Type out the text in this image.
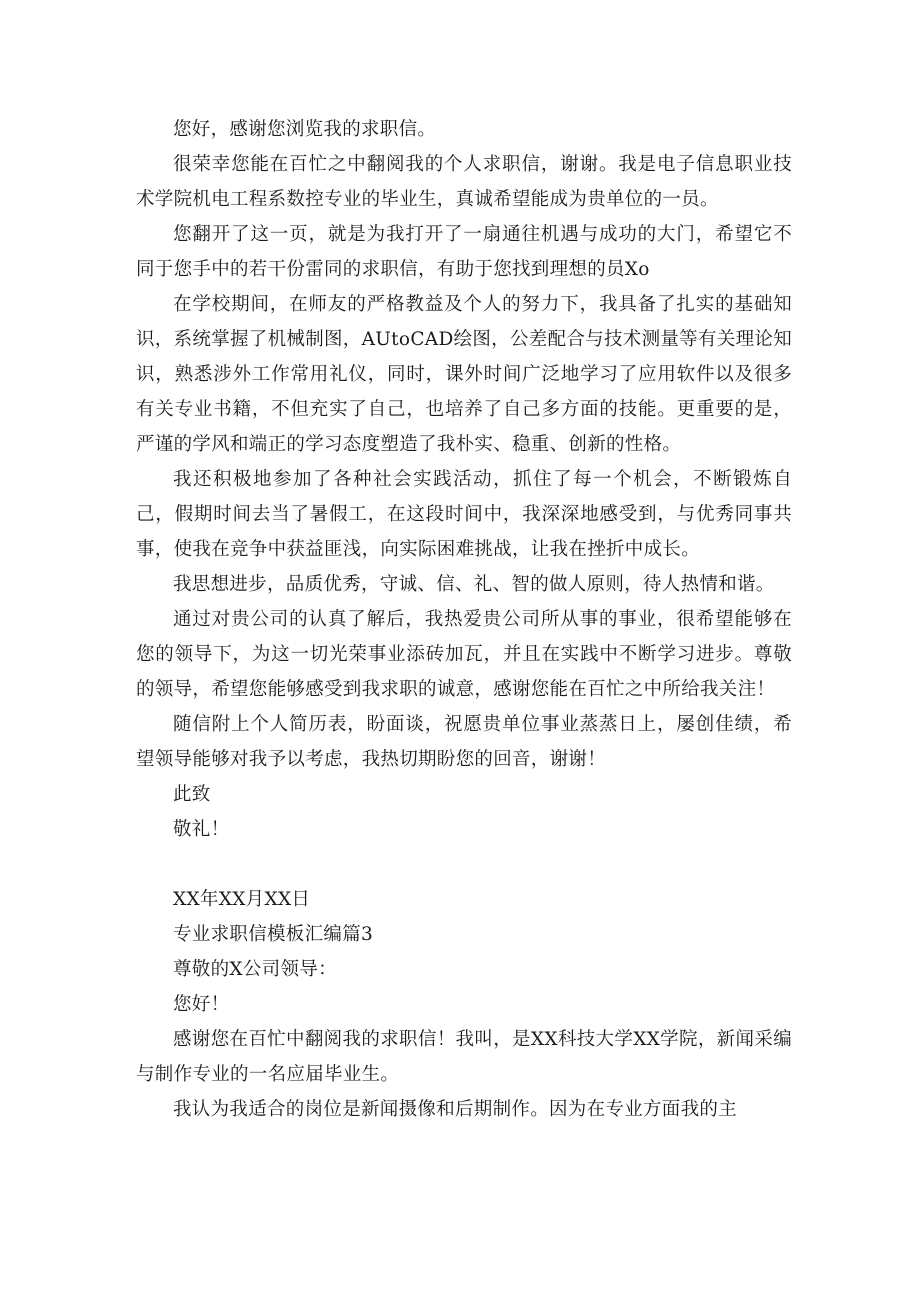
您好，感谢您浏览我的求职信。

很荣幸您能在百忙之中翻阅我的个人求职信，谢谢。我是电子信息职业技术学院机电工程系数控专业的毕业生，真诚希望能成为贵单位的一员。

您翻开了这一页，就是为我打开了一扇通往机遇与成功的大门，希望它不同于您手中的若干份雷同的求职信，有助于您找到理想的员Xo

在学校期间，在师友的严格教益及个人的努力下，我具备了扎实的基础知识，系统掌握了机械制图，AUtoCAD绘图，公差配合与技术测量等有关理论知识，熟悉涉外工作常用礼仪，同时，课外时间广泛地学习了应用软件以及很多有关专业书籍，不但充实了自己，也培养了自己多方面的技能。更重要的是，严谨的学风和端正的学习态度塑造了我朴实、稳重、创新的性格。

我还积极地参加了各种社会实践活动，抓住了每一个机会，不断锻炼自己，假期时间去当了暑假工，在这段时间中，我深深地感受到，与优秀同事共事，使我在竞争中获益匪浅，向实际困难挑战，让我在挫折中成长。

我思想进步，品质优秀，守诚、信、礼、智的做人原则，待人热情和谐。

通过对贵公司的认真了解后，我热爱贵公司所从事的事业，很希望能够在您的领导下，为这一切光荣事业添砖加瓦，并且在实践中不断学习进步。尊敬的领导，希望您能够感受到我求职的诚意，感谢您能在百忙之中所给我关注！

随信附上个人简历表，盼面谈，祝愿贵单位事业蒸蒸日上，屡创佳绩，希望领导能够对我予以考虑，我热切期盼您的回音，谢谢！

此致

敬礼！

XX年XX月XX日

专业求职信模板汇编篇3

尊敬的X公司领导：

您好！

感谢您在百忙中翻阅我的求职信！我叫，是XX科技大学XX学院，新闻采编与制作专业的一名应届毕业生。

我认为我适合的岗位是新闻摄像和后期制作。因为在专业方面我的主
